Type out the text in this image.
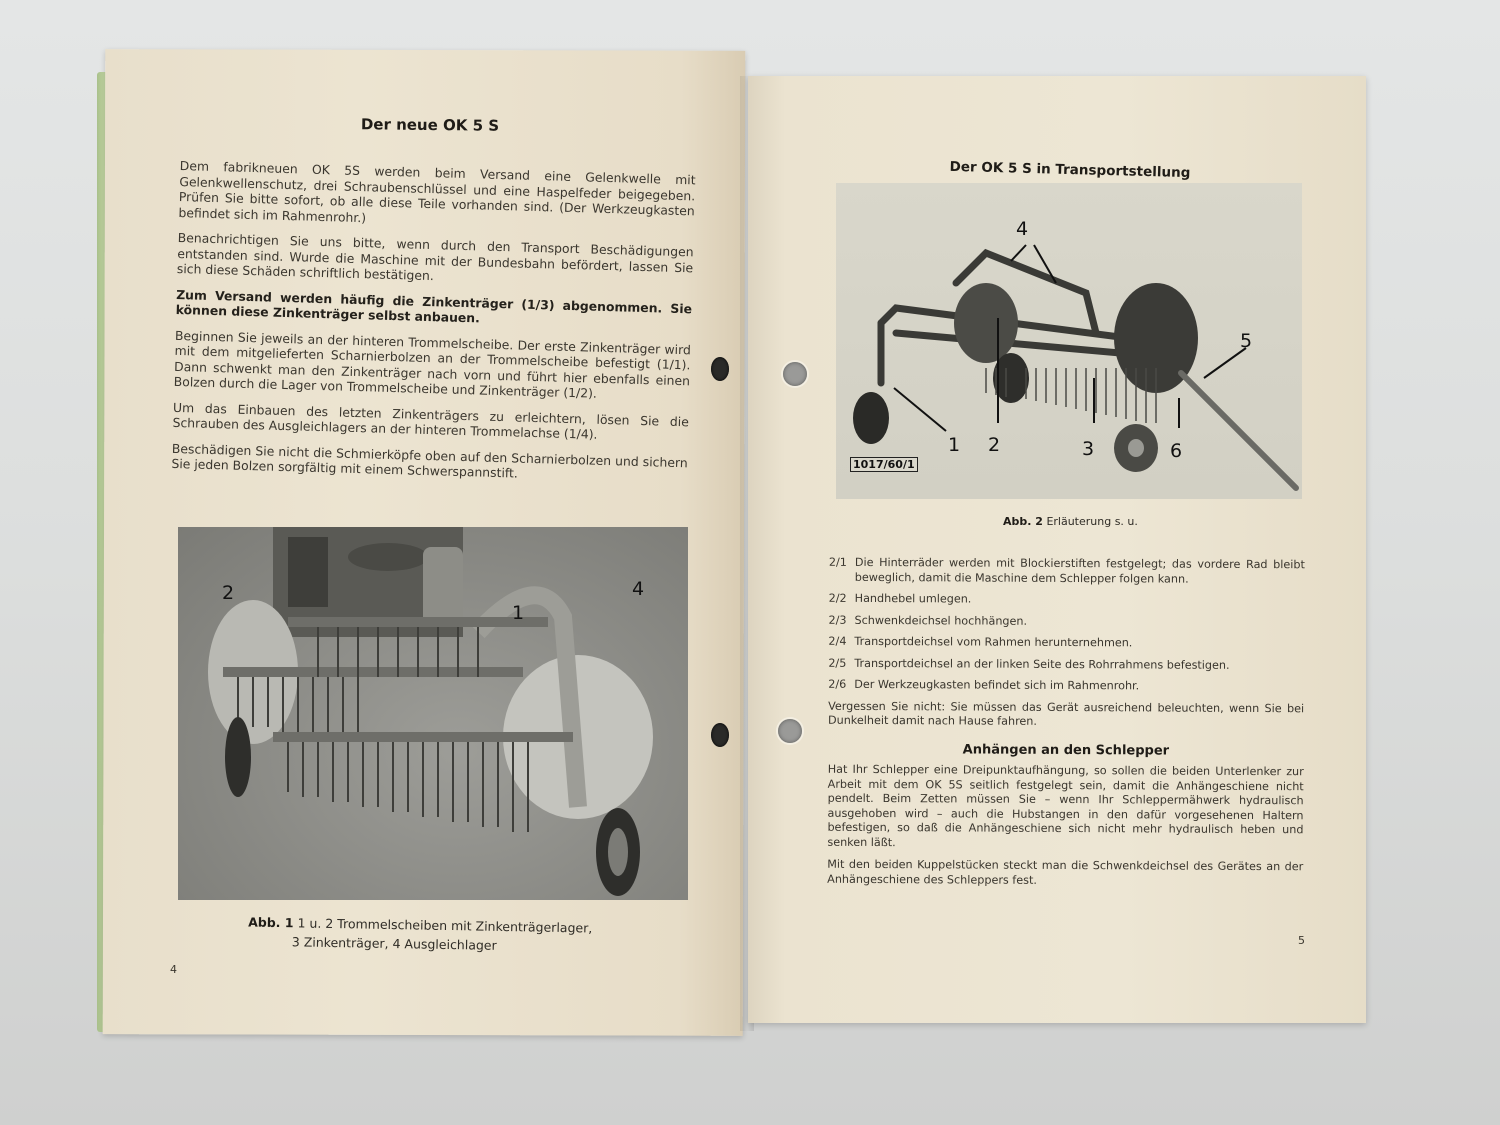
Der neue OK 5 S

Dem fabrikneuen OK 5S werden beim Versand eine Gelenkwelle mit Gelenkwellenschutz, drei Schraubenschlüssel und eine Haspelfeder beigegeben. Prüfen Sie bitte sofort, ob alle diese Teile vorhanden sind. (Der Werkzeugkasten befindet sich im Rahmenrohr.)

Benachrichtigen Sie uns bitte, wenn durch den Transport Beschädigungen entstanden sind. Wurde die Maschine mit der Bundesbahn befördert, lassen Sie sich diese Schäden schriftlich bestätigen.

Zum Versand werden häufig die Zinkenträger (1/3) abgenommen. Sie können diese Zinkenträger selbst anbauen.

Beginnen Sie jeweils an der hinteren Trommelscheibe. Der erste Zinkenträger wird mit dem mitgelieferten Scharnierbolzen an der Trommelscheibe befestigt (1/1). Dann schwenkt man den Zinkenträger nach vorn und führt hier ebenfalls einen Bolzen durch die Lager von Trommelscheibe und Zinkenträger (1/2).

Um das Einbauen des letzten Zinkenträgers zu erleichtern, lösen Sie die Schrauben des Ausgleichlagers an der hinteren Trommelachse (1/4).

Beschädigen Sie nicht die Schmierköpfe oben auf den Scharnierbolzen und sichern Sie jeden Bolzen sorgfältig mit einem Schwerspannstift.

2
1
4
Abb. 1 1 u. 2 Trommelscheiben mit Zinkenträgerlager,
3 Zinkenträger, 4 Ausgleichlager
4
Der OK 5 S in Transportstellung
4
5
1 2	3	6
1017/60/1
Abb. 2 Erläuterung s. u.
2/1 Die Hinterräder werden mit Blockierstiften festgelegt; das vordere Rad bleibt beweglich, damit die Maschine dem Schlepper folgen kann.
2/2 Handhebel umlegen.
2/3 Schwenkdeichsel hochhängen.
2/4 Transportdeichsel vom Rahmen herunternehmen.
2/5 Transportdeichsel an der linken Seite des Rohrrahmens befestigen.
2/6 Der Werkzeugkasten befindet sich im Rahmenrohr.

Vergessen Sie nicht: Sie müssen das Gerät ausreichend beleuchten, wenn Sie bei Dunkelheit damit nach Hause fahren.

Anhängen an den Schlepper

Hat Ihr Schlepper eine Dreipunktaufhängung, so sollen die beiden Unterlenker zur Arbeit mit dem OK 5S seitlich festgelegt sein, damit die Anhängeschiene nicht pendelt. Beim Zetten müssen Sie – wenn Ihr Schleppermähwerk hydraulisch ausgehoben wird – auch die Hubstangen in den dafür vorgesehenen Haltern befestigen, so daß die Anhängeschiene sich nicht mehr hydraulisch heben und senken läßt.

Mit den beiden Kuppelstücken steckt man die Schwenkdeichsel des Gerätes an der Anhängeschiene des Schleppers fest.

5
